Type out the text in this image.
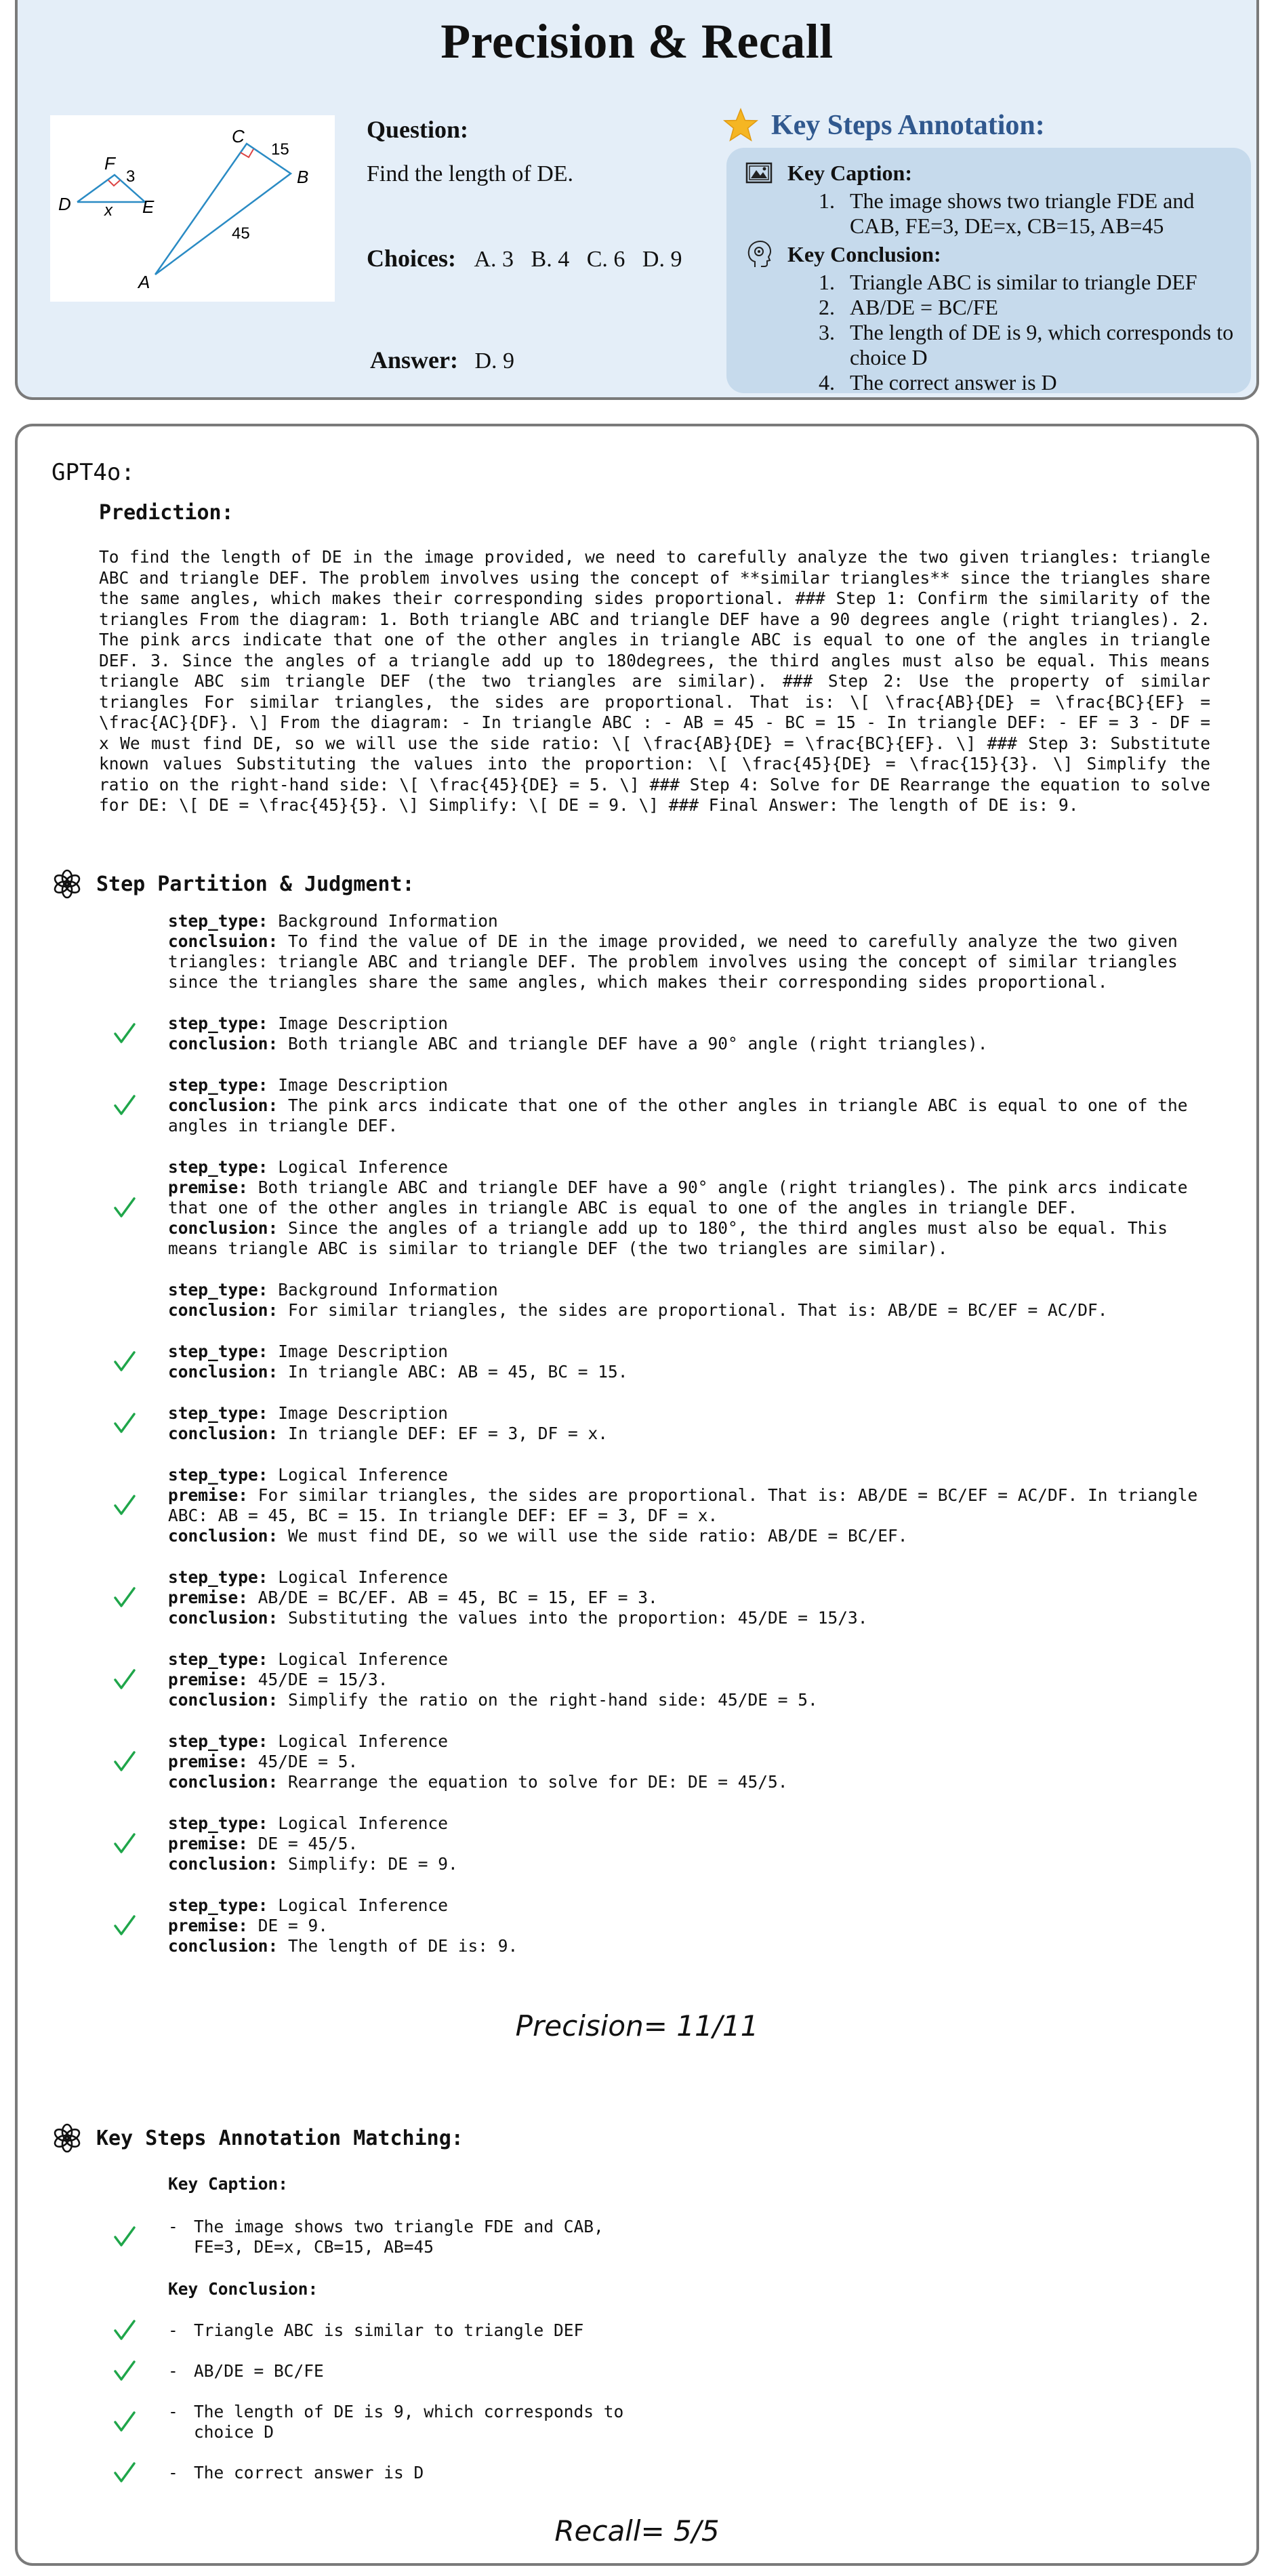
Precision & Recall
F
D	E
x
3
C
B
A
15
45
Question:
Find the length of DE.
Choices: A. 3   B. 4   C. 6   D. 9
Answer: D. 9
Key Steps Annotation:
Key Caption:
1. The image shows two triangle FDE and CAB, FE=3, DE=x, CB=15, AB=45
Key Conclusion:
1. Triangle ABC is similar to triangle DEF
2. AB/DE = BC/FE
3. The length of DE is 9, which corresponds to choice D
4. The correct answer is D
GPT4o:
Prediction:
To find the length of DE in the image provided, we need to carefully analyze the two given triangles: triangle ABC and triangle DEF. The problem involves using the concept of **similar triangles** since the triangles share the same angles, which makes their corresponding sides proportional. ### Step 1: Confirm the similarity of the triangles From the diagram: 1. Both triangle ABC and triangle DEF have a 90 degrees angle (right triangles). 2. The pink arcs indicate that one of the other angles in triangle ABC is equal to one of the angles in triangle DEF. 3. Since the angles of a triangle add up to 180degrees, the third angles must also be equal. This means triangle ABC sim triangle DEF (the two triangles are similar). ### Step 2: Use the property of similar triangles For similar triangles, the sides are proportional. That is: \[ \frac{AB}{DE} = \frac{BC}{EF} = \frac{AC}{DF}. \] From the diagram: - In triangle ABC : - AB = 45 - BC = 15 - In triangle DEF: - EF = 3 - DF = x We must find DE, so we will use the side ratio: \[ \frac{AB}{DE} = \frac{BC}{EF}. \] ### Step 3: Substitute known values Substituting the values into the proportion: \[ \frac{45}{DE} = \frac{15}{3}. \] Simplify the ratio on the right-hand side: \[ \frac{45}{DE} = 5. \] ### Step 4: Solve for DE Rearrange the equation to solve for DE: \[ DE = \frac{45}{5}. \] Simplify: \[ DE = 9. \] ### Final Answer: The length of DE is: 9.
Step Partition & Judgment:
step_type: Background Information
conclsuion: To find the value of DE in the image provided, we need to carefully analyze the two given triangles: triangle ABC and triangle DEF. The problem involves using the concept of similar triangles since the triangles share the same angles, which makes their corresponding sides proportional.
step_type: Image Description
conclusion: Both triangle ABC and triangle DEF have a 90° angle (right triangles).
step_type: Image Description
conclusion: The pink arcs indicate that one of the other angles in triangle ABC is equal to one of the angles in triangle DEF.
step_type: Logical Inference
premise: Both triangle ABC and triangle DEF have a 90° angle (right triangles). The pink arcs indicate that one of the other angles in triangle ABC is equal to one of the angles in triangle DEF.
conclusion: Since the angles of a triangle add up to 180°, the third angles must also be equal. This means triangle ABC is similar to triangle DEF (the two triangles are similar).
step_type: Background Information
conclusion: For similar triangles, the sides are proportional. That is: AB/DE = BC/EF = AC/DF.
step_type: Image Description
conclusion: In triangle ABC: AB = 45, BC = 15.
step_type: Image Description
conclusion: In triangle DEF: EF = 3, DF = x.
step_type: Logical Inference
premise: For similar triangles, the sides are proportional. That is: AB/DE = BC/EF = AC/DF. In triangle ABC: AB = 45, BC = 15. In triangle DEF: EF = 3, DF = x.
conclusion: We must find DE, so we will use the side ratio: AB/DE = BC/EF.
step_type: Logical Inference
premise: AB/DE = BC/EF. AB = 45, BC = 15, EF = 3.
conclusion: Substituting the values into the proportion: 45/DE = 15/3.
step_type: Logical Inference
premise: 45/DE = 15/3.
conclusion: Simplify the ratio on the right-hand side: 45/DE = 5.
step_type: Logical Inference
premise: 45/DE = 5.
conclusion: Rearrange the equation to solve for DE: DE = 45/5.
step_type: Logical Inference
premise: DE = 45/5.
conclusion: Simplify: DE = 9.
step_type: Logical Inference
premise: DE = 9.
conclusion: The length of DE is: 9.
Precision= 11/11
Key Steps Annotation Matching:
Key Caption:
- The image shows two triangle FDE and CAB,
FE=3, DE=x, CB=15, AB=45
Key Conclusion:
- Triangle ABC is similar to triangle DEF
- AB/DE = BC/FE
- The length of DE is 9, which corresponds to
choice D
- The correct answer is D
Recall= 5/5
